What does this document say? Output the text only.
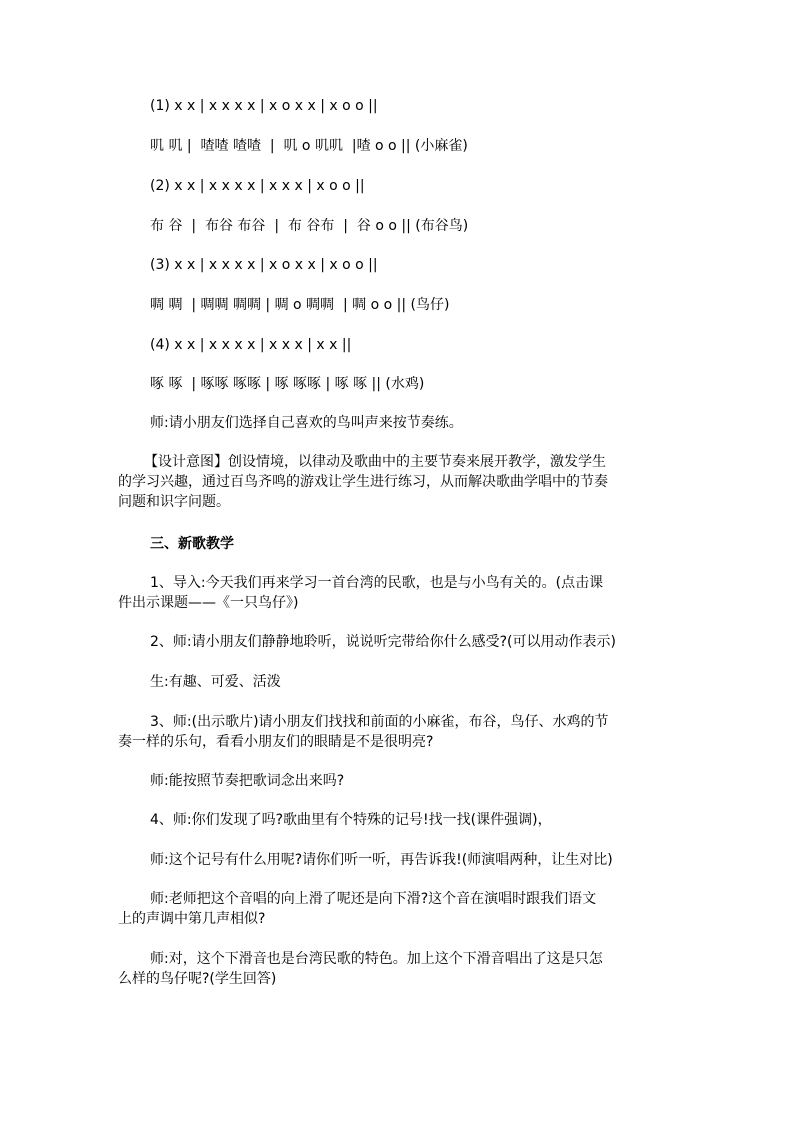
(1) x x | x x x x | x o x x | x o o ||
叽 叽 |  喳喳 喳喳  |  叽 o 叽叽  |喳 o o || (小麻雀)
(2) x x | x x x x | x x x | x o o ||
布 谷  |  布谷 布谷  |  布 谷布  |  谷 o o || (布谷鸟)
(3) x x | x x x x | x o x x | x o o ||
啁 啁  | 啁啁 啁啁 | 啁 o 啁啁  | 啁 o o || (鸟仔)
(4) x x | x x x x | x x x | x x ||
啄 啄  | 啄啄 啄啄 | 啄 啄啄 | 啄 啄 || (水鸡)
师:请小朋友们选择自己喜欢的鸟叫声来按节奏练。
【设计意图】创设情境，以律动及歌曲中的主要节奏来展开教学，激发学生
的学习兴趣，通过百鸟齐鸣的游戏让学生进行练习，从而解决歌曲学唱中的节奏
问题和识字问题。
三、新歌教学
1、导入:今天我们再来学习一首台湾的民歌，也是与小鸟有关的。(点击课
件出示课题——《一只鸟仔》)
2、师:请小朋友们静静地聆听，说说听完带给你什么感受?(可以用动作表示)
生:有趣、可爱、活泼
3、师:(出示歌片)请小朋友们找找和前面的小麻雀，布谷，鸟仔、水鸡的节
奏一样的乐句，看看小朋友们的眼睛是不是很明亮?
师:能按照节奏把歌词念出来吗?
4、师:你们发现了吗?歌曲里有个特殊的记号!找一找(课件强调)，
师:这个记号有什么用呢?请你们听一听，再告诉我!(师演唱两种，让生对比)
师:老师把这个音唱的向上滑了呢还是向下滑?这个音在演唱时跟我们语文
上的声调中第几声相似?
师:对，这个下滑音也是台湾民歌的特色。加上这个下滑音唱出了这是只怎
么样的鸟仔呢?(学生回答)
